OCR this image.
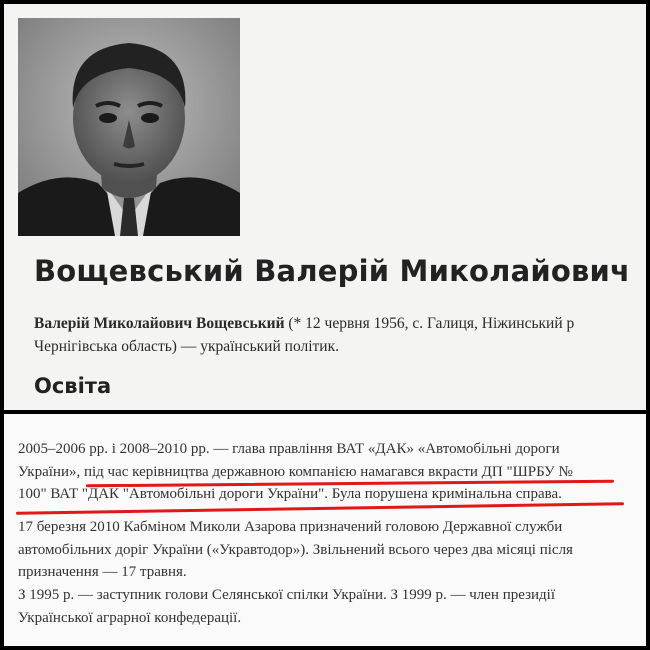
Вощевський Валерій Миколайович

Валерій Миколайович Вощевський (* 12 червня 1956, с. Галиця, Ніжинський р
Чернігівська область) — український політик.

Освіта

2005–2006 рр. і 2008–2010 рр. — глава правління ВАТ «ДАК» «Автомобільні дороги
України», під час керівництва державною компанією намагався вкрасти ДП "ШРБУ №
100" ВАТ "ДАК "Автомобільні дороги України". Була порушена кримінальна справа.

17 березня 2010 Кабміном Миколи Азарова призначений головою Державної служби
автомобільних доріг України («Укравтодор»). Звільнений всього через два місяці після
призначення — 17 травня.

З 1995 р. — заступник голови Селянської спілки України. З 1999 р. — член президії
Української аграрної конфедерації.
